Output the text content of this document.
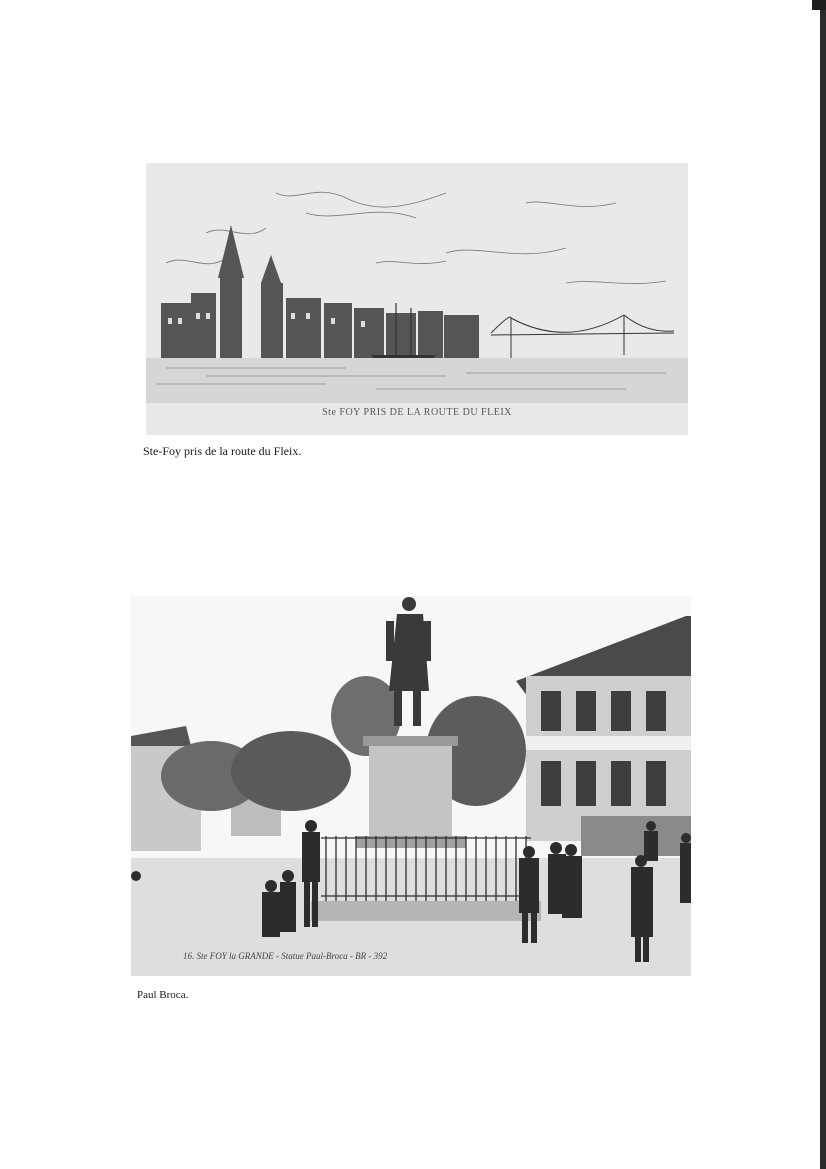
Ste FOY PRIS DE LA ROUTE DU FLEIX
Ste-Foy pris de la route du Fleix.
16. Ste FOY la GRANDE - Statue Paul-Broca - BR - 392
Paul Broca.
